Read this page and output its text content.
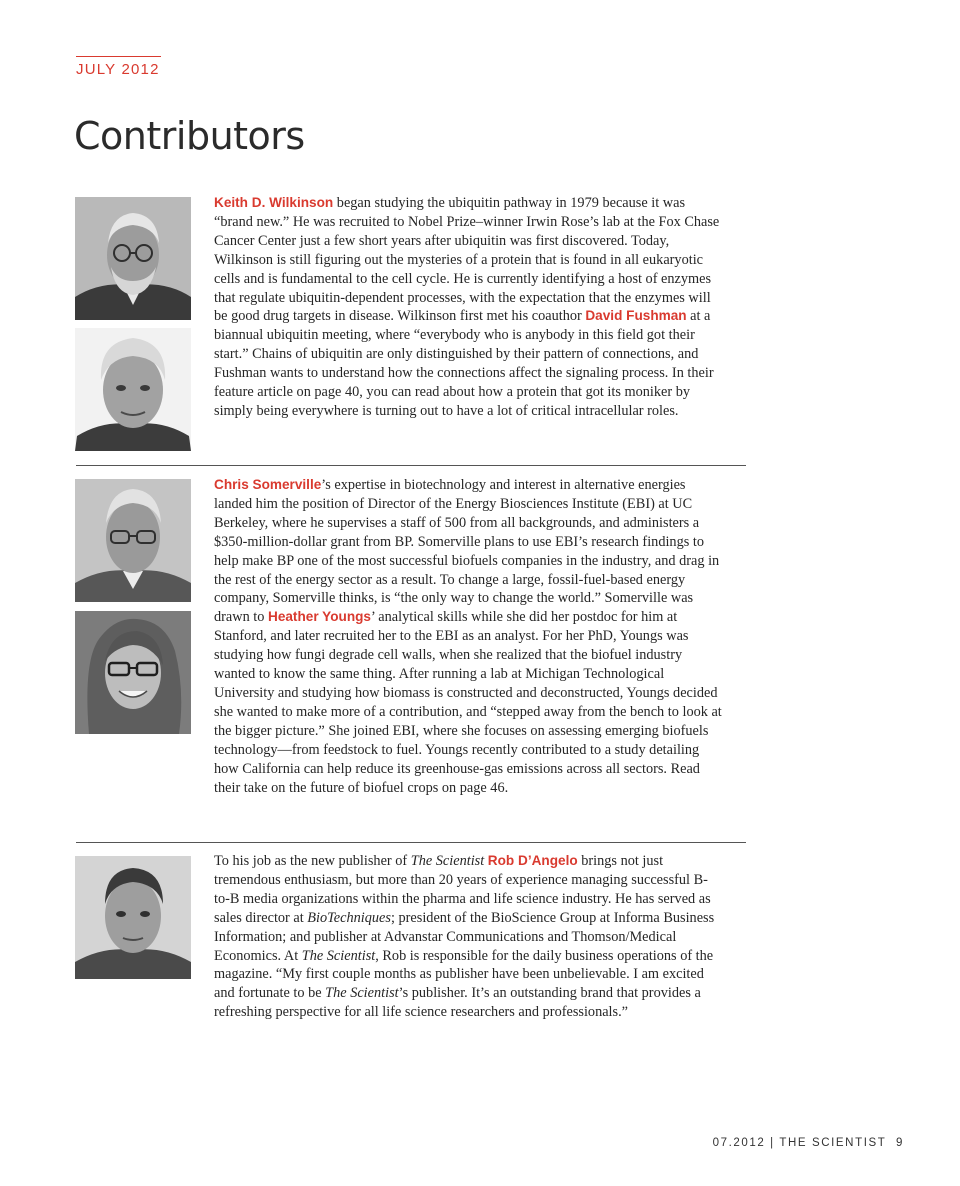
JULY 2012
Contributors

Keith D. Wilkinson began studying the ubiquitin pathway in 1979 because it was “brand new.” He was recruited to Nobel Prize–winner Irwin Rose’s lab at the Fox Chase Cancer Center just a few short years after ubiquitin was first discovered. Today, Wilkinson is still figuring out the mysteries of a protein that is found in all eukaryotic cells and is fundamental to the cell cycle. He is currently identifying a host of enzymes that regulate ubiquitin-dependent processes, with the expectation that the enzymes will be good drug targets in disease. Wilkinson first met his coauthor David Fushman at a biannual ubiquitin meeting, where “everybody who is anybody in this field got their start.” Chains of ubiquitin are only distinguished by their pattern of connections, and Fushman wants to understand how the connections affect the signaling process. In their feature article on page 40, you can read about how a protein that got its moniker by simply being everywhere is turning out to have a lot of critical intracellular roles.

Chris Somerville’s expertise in biotechnology and interest in alternative energies landed him the position of Director of the Energy Biosciences Institute (EBI) at UC Berkeley, where he supervises a staff of 500 from all backgrounds, and administers a $350-million-dollar grant from BP. Somerville plans to use EBI’s research findings to help make BP one of the most successful biofuels companies in the industry, and drag in the rest of the energy sector as a result. To change a large, fossil-fuel-based energy company, Somerville thinks, is “the only way to change the world.” Somerville was drawn to Heather Youngs’ analytical skills while she did her postdoc for him at Stanford, and later recruited her to the EBI as an analyst. For her PhD, Youngs was studying how fungi degrade cell walls, when she realized that the biofuel industry wanted to know the same thing. After running a lab at Michigan Technological University and studying how biomass is constructed and deconstructed, Youngs decided she wanted to make more of a contribution, and “stepped away from the bench to look at the bigger picture.” She joined EBI, where she focuses on assessing emerging biofuels technology—from feedstock to fuel. Youngs recently contributed to a study detailing how California can help reduce its greenhouse-gas emissions across all sectors. Read their take on the future of biofuel crops on page 46.

To his job as the new publisher of The Scientist Rob D’Angelo brings not just tremendous enthusiasm, but more than 20 years of experience managing successful B-to-B media organizations within the pharma and life science industry. He has served as sales director at BioTechniques; president of the BioScience Group at Informa Business Information; and publisher at Advanstar Communications and Thomson/Medical Economics. At The Scientist, Rob is responsible for the daily business operations of the magazine. “My first couple months as publisher have been unbelievable. I am excited and fortunate to be The Scientist’s publisher. It’s an outstanding brand that provides a refreshing perspective for all life science researchers and professionals.”

07.2012 | THE SCIENTIST 9
